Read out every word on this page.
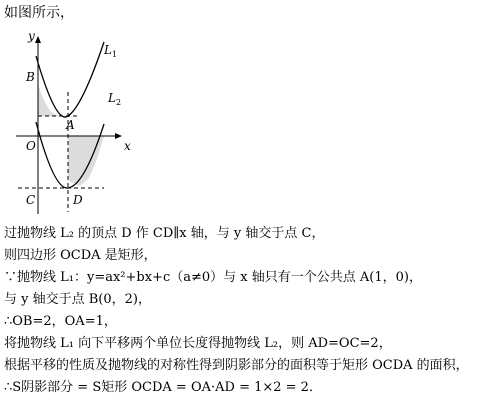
如图所示，
y
x
O
B
A
C	D
$L_1$
$L_2$
过抛物线 L₂ 的顶点 D 作 CD∥x 轴，与 y 轴交于点 C，
则四边形 OCDA 是矩形，
∵抛物线 L₁：y=ax²+bx+c（a≠0）与 x 轴只有一个公共点 A(1，0)，
与 y 轴交于点 B(0，2)，
∴OB=2，OA=1，
将抛物线 L₁ 向下平移两个单位长度得抛物线 L₂，则 AD=OC=2，
根据平移的性质及抛物线的对称性得到阴影部分的面积等于矩形 OCDA 的面积，
∴S阴影部分 = S矩形 OCDA = OA·AD = 1×2 = 2．
